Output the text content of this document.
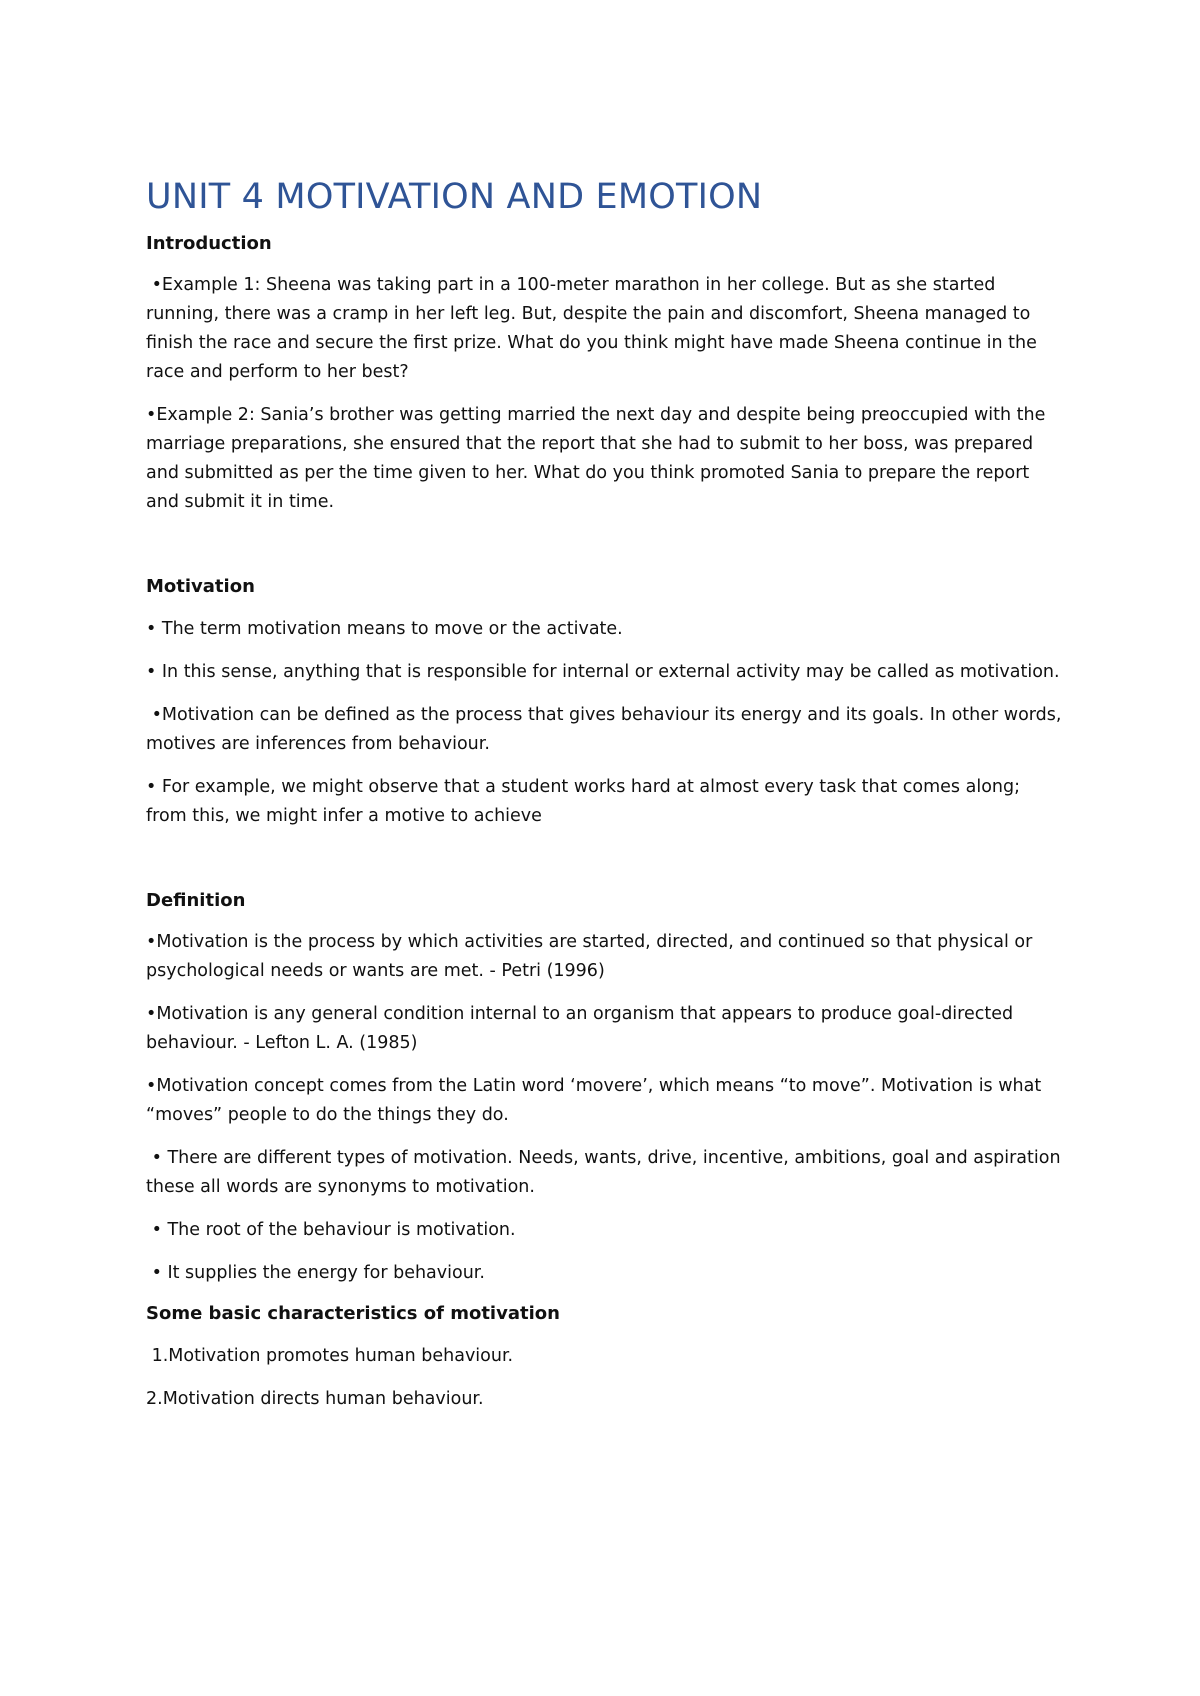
UNIT 4 MOTIVATION AND EMOTION
Introduction

•Example 1: Sheena was taking part in a 100-meter marathon in her college. But as she started running, there was a cramp in her left leg. But, despite the pain and discomfort, Sheena managed to finish the race and secure the first prize. What do you think might have made Sheena continue in the race and perform to her best?

•Example 2: Sania’s brother was getting married the next day and despite being preoccupied with the marriage preparations, she ensured that the report that she had to submit to her boss, was prepared and submitted as per the time given to her. What do you think promoted Sania to prepare the report and submit it in time.

Motivation

• The term motivation means to move or the activate.

• In this sense, anything that is responsible for internal or external activity may be called as motivation.

•Motivation can be defined as the process that gives behaviour its energy and its goals. In other words, motives are inferences from behaviour.

• For example, we might observe that a student works hard at almost every task that comes along; from this, we might infer a motive to achieve

Definition

•Motivation is the process by which activities are started, directed, and continued so that physical or psychological needs or wants are met. - Petri (1996)

•Motivation is any general condition internal to an organism that appears to produce goal-directed behaviour. - Lefton L. A. (1985)

•Motivation concept comes from the Latin word ‘movere’, which means “to move”. Motivation is what “moves” people to do the things they do.

• There are different types of motivation. Needs, wants, drive, incentive, ambitions, goal and aspiration these all words are synonyms to motivation.

• The root of the behaviour is motivation.

• It supplies the energy for behaviour.

Some basic characteristics of motivation

1.Motivation promotes human behaviour.

2.Motivation directs human behaviour.
